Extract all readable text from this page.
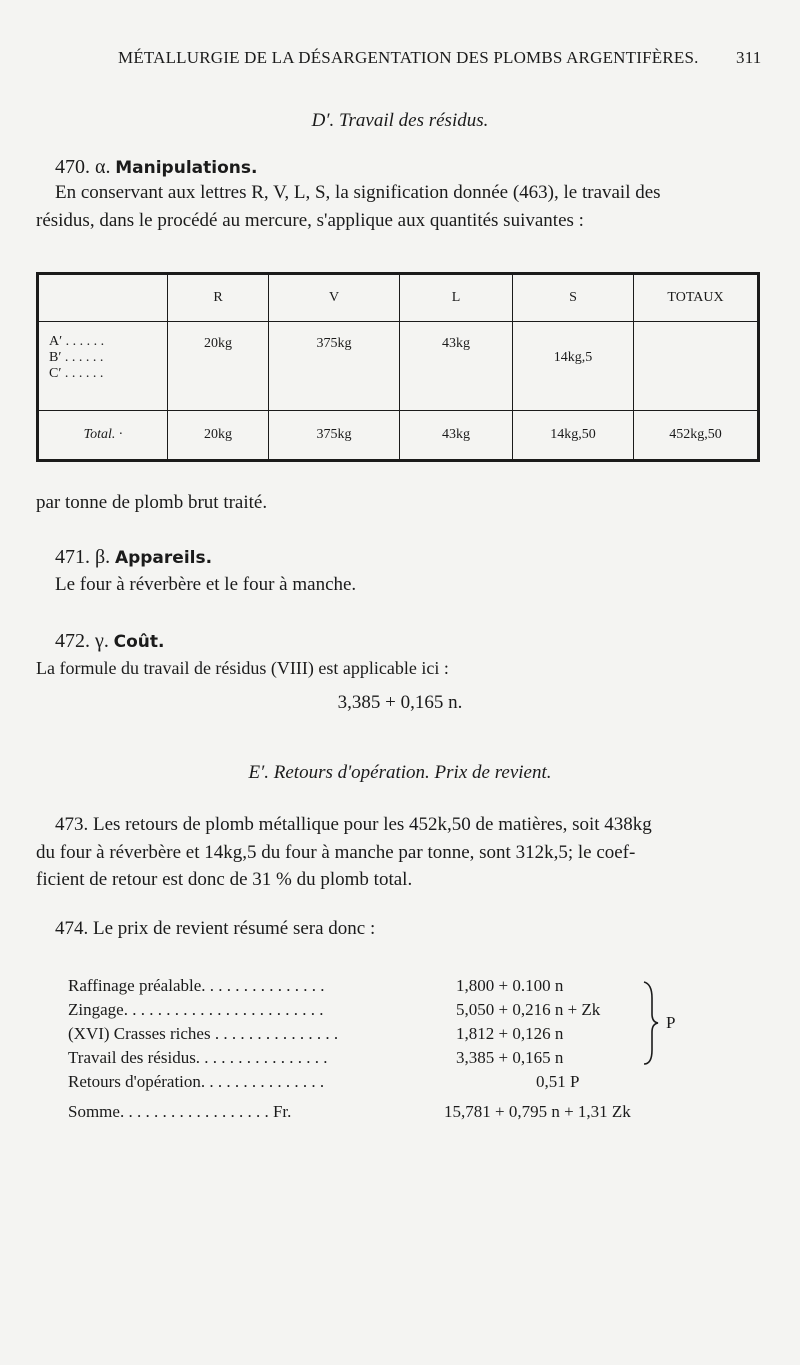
MÉTALLURGIE DE LA DÉSARGENTATION DES PLOMBS ARGENTIFÈRES. 311
D′. Travail des résidus.
470. α. Manipulations.
En conservant aux lettres R, V, L, S, la signification donnée (463), le travail des
résidus, dans le procédé au mercure, s'applique aux quantités suivantes :
	R	V	L	S	TOTAUX

A′ . . . . . .
B′ . . . . . .
C′ . . . . . .	20kg	375kg	43kg	14kg,5	
Total. ·	20kg	375kg	43kg	14kg,50	452kg,50
par tonne de plomb brut traité.
471. β. Appareils.
Le four à réverbère et le four à manche.
472. γ. Coût.
La formule du travail de résidus (VIII) est applicable ici :
3,385 + 0,165 n.
E′. Retours d'opération. Prix de revient.
473. Les retours de plomb métallique pour les 452k,50 de matières, soit 438kg
du four à réverbère et 14kg,5 du four à manche par tonne, sont 312k,5; le coef-
ficient de retour est donc de 31 % du plomb total.
474. Le prix de revient résumé sera donc :
Raffinage préalable. . . . . . . . . . . . . . .	1,800 + 0.100 n
Zingage. . . . . . . . . . . . . . . . . . . . . . . .	5,050 + 0,216 n + Zk
(XVI) Crasses riches . . . . . . . . . . . . . . .	1,812 + 0,126 n
Travail des résidus. . . . . . . . . . . . . . . .	3,385 + 0,165 n
Retours d'opération. . . . . . . . . . . . . . .	0,51 P
P
Somme. . . . . . . . . . . . . . . . . . Fr.	15,781 + 0,795 n + 1,31 Zk
